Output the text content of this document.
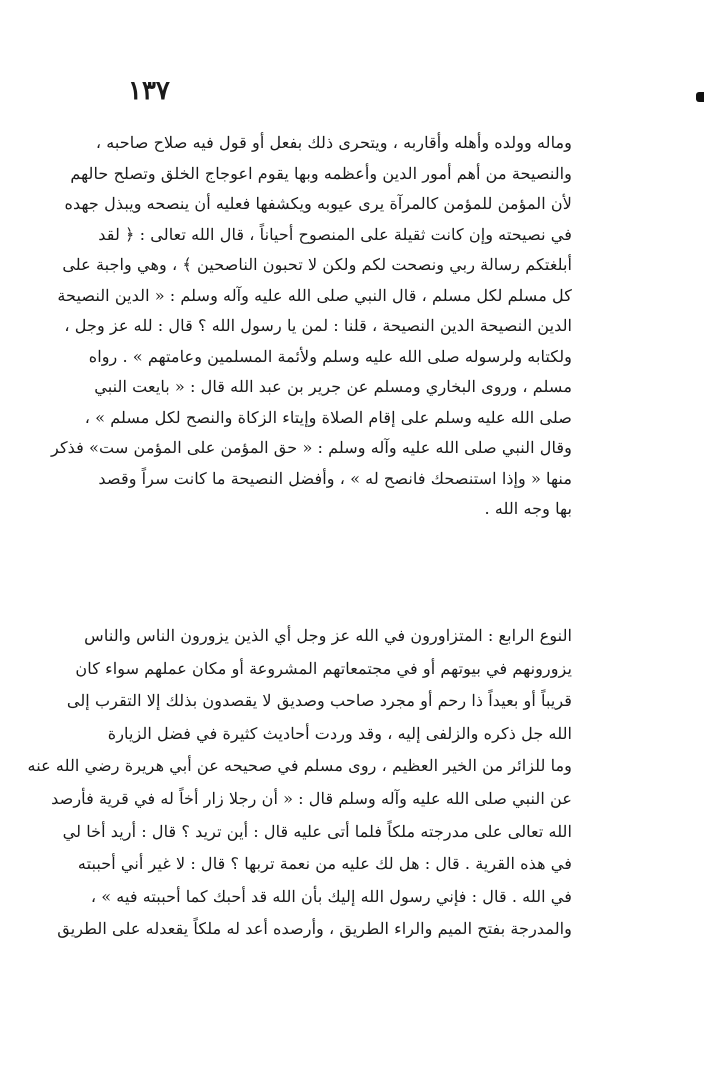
١٣٧
وماله وولده وأهله وأقاربه ، ويتحرى ذلك بفعل أو قول فيه صلاح صاحبه ،
والنصيحة من أهم أمور الدين وأعظمه وبها يقوم اعوجاج الخلق وتصلح حالهم
لأن المؤمن للمؤمن كالمرآة يرى عيوبه ويكشفها فعليه أن ينصحه ويبذل جهده
في نصيحته وإن كانت ثقيلة على المنصوح أحياناً ، قال الله تعالى : ﴿ لقد
أبلغتكم رسالة ربي ونصحت لكم ولكن لا تحبون الناصحين ﴾ ، وهي واجبة على
كل مسلم لكل مسلم ، قال النبي صلى الله عليه وآله وسلم : « الدين النصيحة
الدين النصيحة الدين النصيحة ، قلنا : لمن يا رسول الله ؟ قال : لله عز وجل ،
ولكتابه ولرسوله صلى الله عليه وسلم ولأئمة المسلمين وعامتهم » . رواه
مسلم ، وروى البخاري ومسلم عن جرير بن عبد الله قال : « بايعت النبي
صلى الله عليه وسلم على إقام الصلاة وإيتاء الزكاة والنصح لكل مسلم » ،
وقال النبي صلى الله عليه وآله وسلم : « حق المؤمن على المؤمن ست» فذكر
منها « وإذا استنصحك فانصح له » ، وأفضل النصيحة ما كانت سراً وقصد
بها وجه الله .
النوع الرابع : المتزاورون في الله عز وجل أي الذين يزورون الناس والناس
يزورونهم في بيوتهم أو في مجتمعاتهم المشروعة أو مكان عملهم سواء كان
قريباً أو بعيداً ذا رحم أو مجرد صاحب وصديق لا يقصدون بذلك إلا التقرب إلى
الله جل ذكره والزلفى إليه ، وقد وردت أحاديث كثيرة في فضل الزيارة
وما للزائر من الخير العظيم ، روى مسلم في صحيحه عن أبي هريرة رضي الله عنه
عن النبي صلى الله عليه وآله وسلم قال : « أن رجلا زار أخاً له في قرية فأرصد
الله تعالى على مدرجته ملكاً فلما أتى عليه قال : أين تريد ؟ قال : أريد أخا لي
في هذه القرية . قال : هل لك عليه من نعمة تربها ؟ قال : لا غير أني أحببته
في الله . قال : فإني رسول الله إليك بأن الله قد أحبك كما أحببته فيه » ،
والمدرجة بفتح الميم والراء الطريق ، وأرصده أعد له ملكاً يقعدله على الطريق
